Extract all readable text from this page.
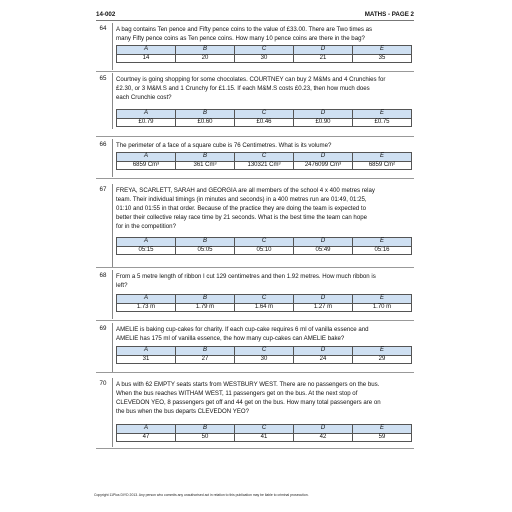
14-002	MATHS - PAGE 2
64	A bag contains Ten pence and Fifty pence coins to the value of £33.00. There are Two times as
many Fifty pence coins as Ten pence coins. How many 10 pence coins are there in the bag?
A	B	C	D	E
14	20	30	21	35
65	Courtney is going shopping for some chocolates. COURTNEY can buy 2 M&Ms and 4 Crunchies for
£2.30, or 3 M&M.S and 1 Crunchy for £1.15. If each M&M.S costs £0.23, then how much does
each Crunchie cost?
A	B	C	D	E
£0.79	£0.60	£0.46	£0.90	£0.75
66	The perimeter of a face of a square cube is 76 Centimetres. What is its volume?
A	B	C	D	E
6859 Cm³	361 Cm³	130321 Cm³	2476099 Cm³	6859 Cm²
67	FREYA, SCARLETT, SARAH and GEORGIA are all members of the school 4 x 400 metres relay
team. Their individual timings (in minutes and seconds) in a 400 metres run are 01:49, 01:25,
01:10 and 01:55 in that order. Because of the practice they are doing the team is expected to
better their collective relay race time by 21 seconds. What is the best time the team can hope
for in the competition?
A	B	C	D	E
05:15	05:05	05:10	05:49	05:16
68	From a 5 metre length of ribbon I cut 129 centimetres and then 1.92 metres. How much ribbon is
left?
A	B	C	D	E
1.73 m	1.79 m	1.64 m	1.27 m	1.70 m
69	AMELIE is baking cup-cakes for charity. If each cup-cake requires 6 ml of vanilla essence and
AMELIE has 175 ml of vanilla essence, the how many cup-cakes can AMELIE bake?
A	B	C	D	E
31	27	30	24	29
70	A bus with 62 EMPTY seats starts from WESTBURY WEST. There are no passengers on the bus.
When the bus reaches WITHAM WEST, 11 passengers get on the bus. At the next stop of
CLEVEDON YEO, 8 passengers get off and 44 get on the bus. How many total passengers are on
the bus when the bus departs CLEVEDON YEO?
A	B	C	D	E
47	50	41	42	59
Copyright 11Plus DIYD 2013. Any person who commits any unauthorised act in relation to this publication may be liable to criminal prosecution.
